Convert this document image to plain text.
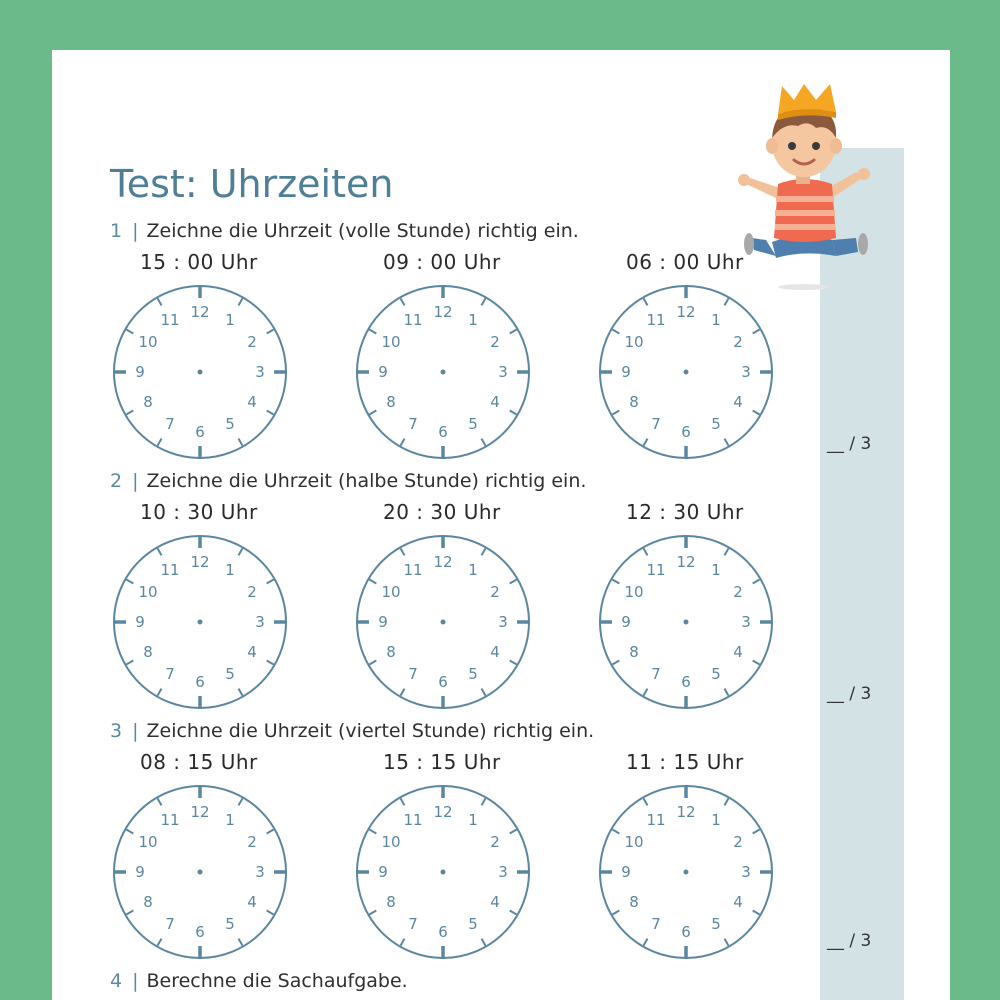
Test: Uhrzeiten
1 | Zeichne die Uhrzeit (volle Stunde) richtig ein.
15 : 00 Uhr	09 : 00 Uhr	06 : 00 Uhr
12 1
2
3
4
5
6
7
8
9
10
11	12 1
2
3
4
5
6
7
8
9
10
11	12 1
2
3
4
5
6
7
8
9
10
11
__ / 3
2 | Zeichne die Uhrzeit (halbe Stunde) richtig ein.
10 : 30 Uhr	20 : 30 Uhr	12 : 30 Uhr
12 1
2
3
4
5
6
7
8
9
10
11	12 1
2
3
4
5
6
7
8
9
10
11	12 1
2
3
4
5
6
7
8
9
10
11
__ / 3
3 | Zeichne die Uhrzeit (viertel Stunde) richtig ein.
08 : 15 Uhr	15 : 15 Uhr	11 : 15 Uhr
12 1
2
3
4
5
6
7
8
9
10
11	12 1
2
3
4
5
6
7
8
9
10
11	12 1
2
3
4
5
6
7
8
9
10
11
__ / 3
4 | Berechne die Sachaufgabe.
